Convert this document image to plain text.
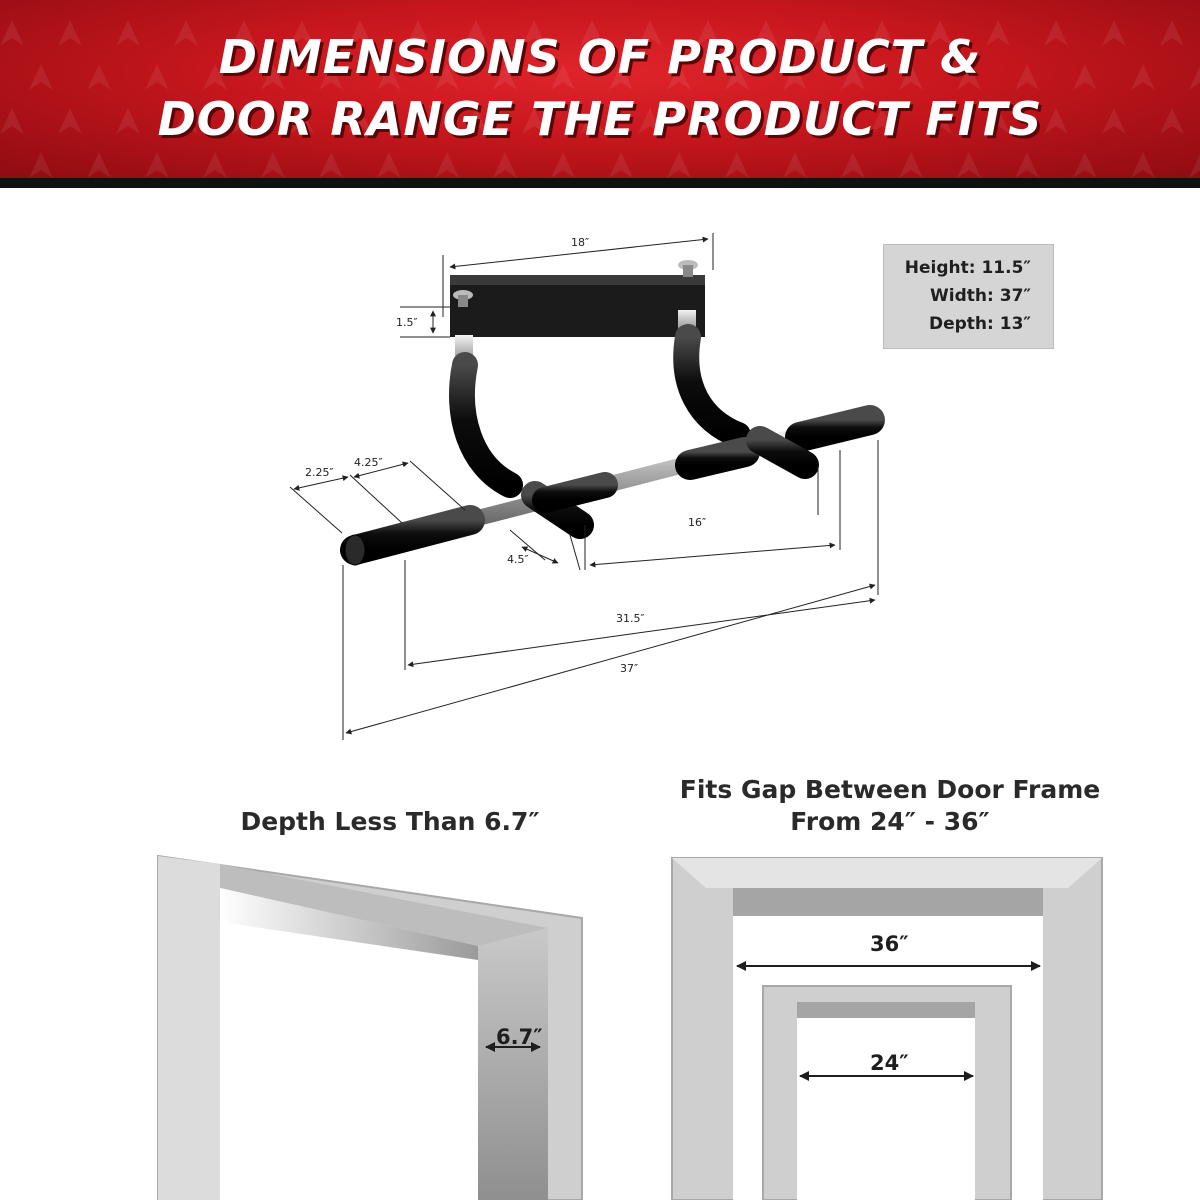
DIMENSIONS OF PRODUCT &
DOOR RANGE THE PRODUCT FITS
Height: 11.5″
Width: 37″
Depth: 13″
18″
1.5″
2.25″
4.25″
4.5″
16″
31.5″
37″
Depth Less Than 6.7″
Fits Gap Between Door Frame
From 24″ - 36″
6.7″
36″
24″
